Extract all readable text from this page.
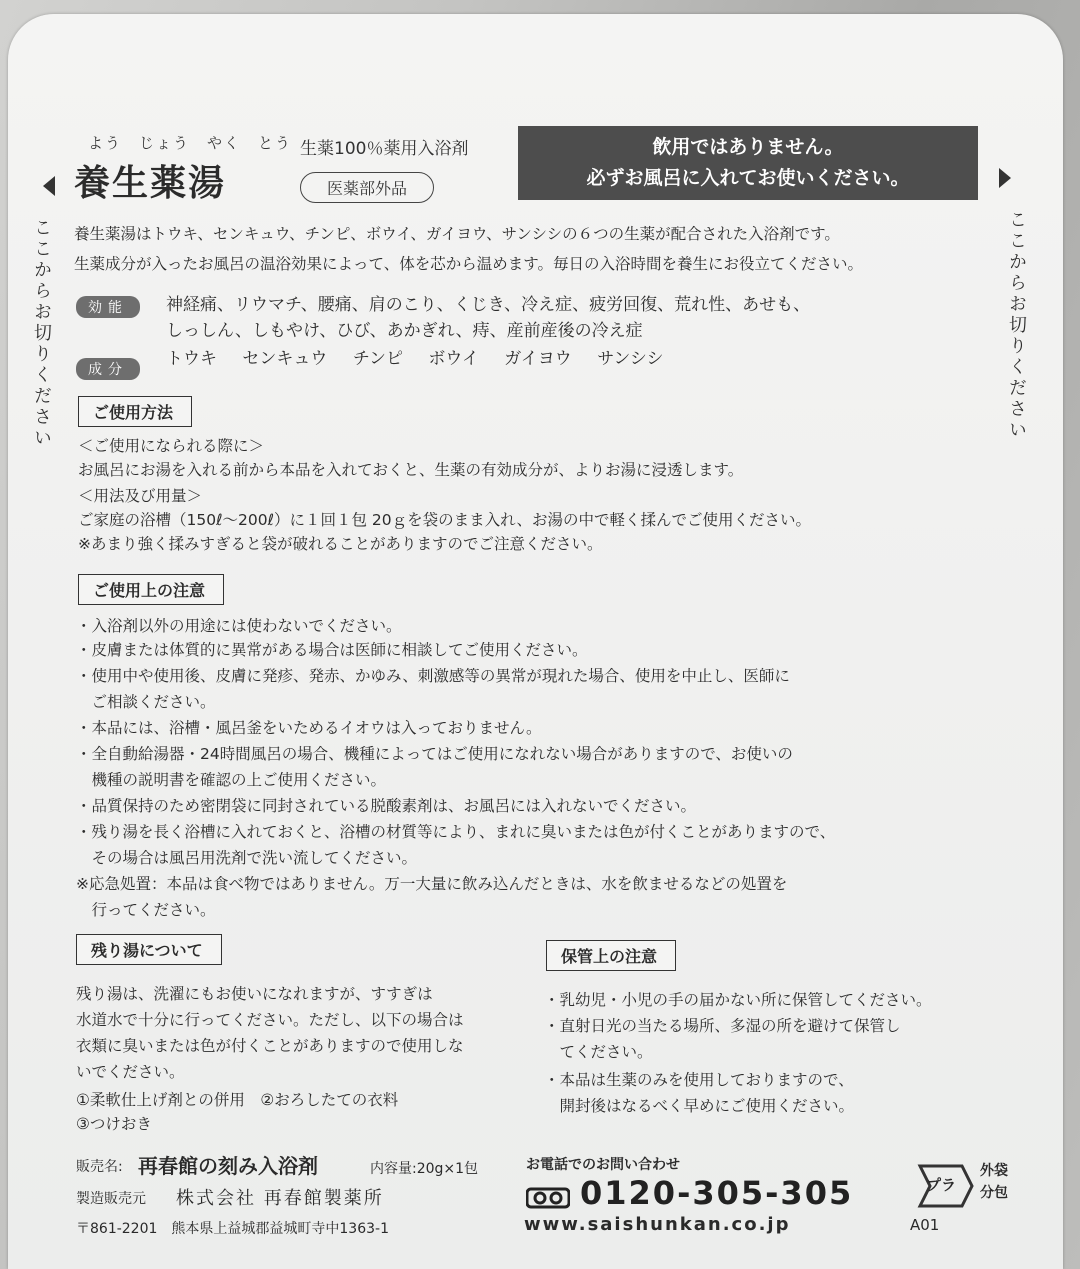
よう　じょう　やく　とう
養生薬湯
生薬100％薬用入浴剤
医薬部外品
飲用ではありません。
必ずお風呂に入れてお使いください。
ここからお切りください	ここからお切りください
養生薬湯はトウキ、センキュウ、チンピ、ボウイ、ガイヨウ、サンシシの６つの生薬が配合された入浴剤です。
生薬成分が入ったお風呂の温浴効果によって、体を芯から温めます。毎日の入浴時間を養生にお役立てください。
効能	神経痛、リウマチ、腰痛、肩のこり、くじき、冷え症、疲労回復、荒れ性、あせも、
しっしん、しもやけ、ひび、あかぎれ、痔、産前産後の冷え症
成分
トウキ センキュウ チンピ ボウイ ガイヨウ サンシシ
ご使用方法
＜ご使用になられる際に＞
お風呂にお湯を入れる前から本品を入れておくと、生薬の有効成分が、よりお湯に浸透します。
＜用法及び用量＞
ご家庭の浴槽（150ℓ～200ℓ）に１回１包 20ｇを袋のまま入れ、お湯の中で軽く揉んでご使用ください。
※あまり強く揉みすぎると袋が破れることがありますのでご注意ください。
ご使用上の注意
・入浴剤以外の用途には使わないでください。
・皮膚または体質的に異常がある場合は医師に相談してご使用ください。
・使用中や使用後、皮膚に発疹、発赤、かゆみ、刺激感等の異常が現れた場合、使用を中止し、医師に
　ご相談ください。
・本品には、浴槽・風呂釜をいためるイオウは入っておりません。
・全自動給湯器・24時間風呂の場合、機種によってはご使用になれない場合がありますので、お使いの
　機種の説明書を確認の上ご使用ください。
・品質保持のため密閉袋に同封されている脱酸素剤は、お風呂には入れないでください。
・残り湯を長く浴槽に入れておくと、浴槽の材質等により、まれに臭いまたは色が付くことがありますので、
　その場合は風呂用洗剤で洗い流してください。
※応急処置：本品は食べ物ではありません。万一大量に飲み込んだときは、水を飲ませるなどの処置を
　行ってください。
残り湯について
残り湯は、洗濯にもお使いになれますが、すすぎは
水道水で十分に行ってください。ただし、以下の場合は
衣類に臭いまたは色が付くことがありますので使用しな
いでください。
①柔軟仕上げ剤との併用　②おろしたての衣料
③つけおき
保管上の注意
・乳幼児・小児の手の届かない所に保管してください。
・直射日光の当たる場所、多湿の所を避けて保管し
　てください。
・本品は生薬のみを使用しておりますので、
　開封後はなるべく早めにご使用ください。
販売名: 再春館の刻み入浴剤	内容量:20g×1包
製造販売元 株式会社 再春館製薬所
〒861-2201　熊本県上益城郡益城町寺中1363-1
お電話でのお問い合わせ
0120-305-305
www.saishunkan.co.jp
プラ
外袋
分包
A01
